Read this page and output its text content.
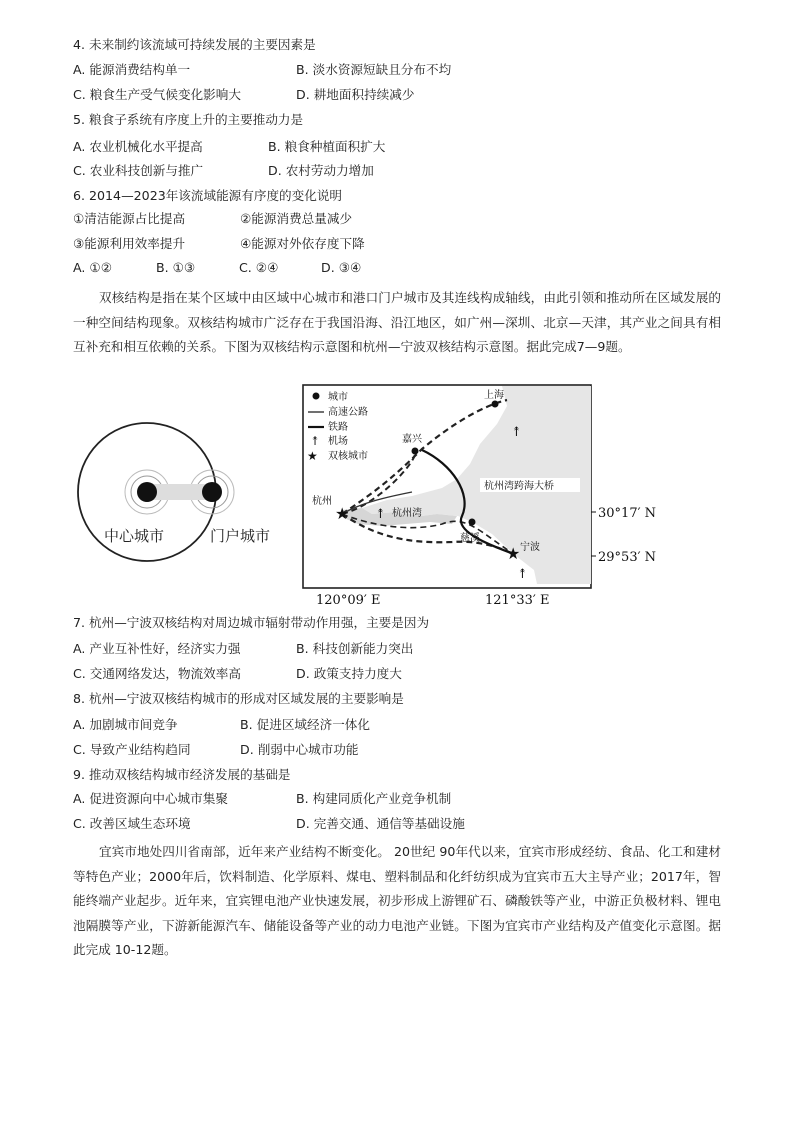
4. 未来制约该流域可持续发展的主要因素是
A. 能源消费结构单一	B. 淡水资源短缺且分布不均
C. 粮食生产受气候变化影响大	D. 耕地面积持续减少
5. 粮食子系统有序度上升的主要推动力是
A. 农业机械化水平提高	B. 粮食种植面积扩大
C. 农业科技创新与推广	D. 农村劳动力增加
6. 2014—2023年该流域能源有序度的变化说明
①清洁能源占比提高	②能源消费总量减少
③能源利用效率提升	④能源对外依存度下降
A. ①②	B. ①③	C. ②④	D. ③④
双核结构是指在某个区域中由区域中心城市和港口门户城市及其连线构成轴线，由此引领和推动所在区域发展的一种空间结构现象。双核结构城市广泛存在于我国沿海、沿江地区，如广州—深圳、北京—天津，其产业之间具有相互补充和相互依赖的关系。下图为双核结构示意图和杭州—宁波双核结构示意图。据此完成7—9题。
中心城市	门户城市
★
★
↟
↟
↟
上海
嘉兴
杭州
杭州湾
慈溪
宁波
杭州湾跨海大桥
城市
高速公路
铁路
↟ 机场
★ 双核城市
30°17′ N
29°53′ N
120°09′ E	121°33′ E
7. 杭州—宁波双核结构对周边城市辐射带动作用强，主要是因为
A. 产业互补性好，经济实力强	B. 科技创新能力突出
C. 交通网络发达，物流效率高	D. 政策支持力度大
8. 杭州—宁波双核结构城市的形成对区域发展的主要影响是
A. 加剧城市间竞争	B. 促进区域经济一体化
C. 导致产业结构趋同	D. 削弱中心城市功能
9. 推动双核结构城市经济发展的基础是
A. 促进资源向中心城市集聚	B. 构建同质化产业竞争机制
C. 改善区域生态环境	D. 完善交通、通信等基础设施
宜宾市地处四川省南部，近年来产业结构不断变化。 20世纪 90年代以来，宜宾市形成经纺、食品、化工和建材等特色产业；2000年后，饮料制造、化学原料、煤电、塑料制品和化纤纺织成为宜宾市五大主导产业；2017年，智能终端产业起步。近年来，宜宾锂电池产业快速发展，初步形成上游锂矿石、磷酸铁等产业，中游正负极材料、锂电池隔膜等产业，下游新能源汽车、储能设备等产业的动力电池产业链。下图为宜宾市产业结构及产值变化示意图。据此完成 10-12题。
